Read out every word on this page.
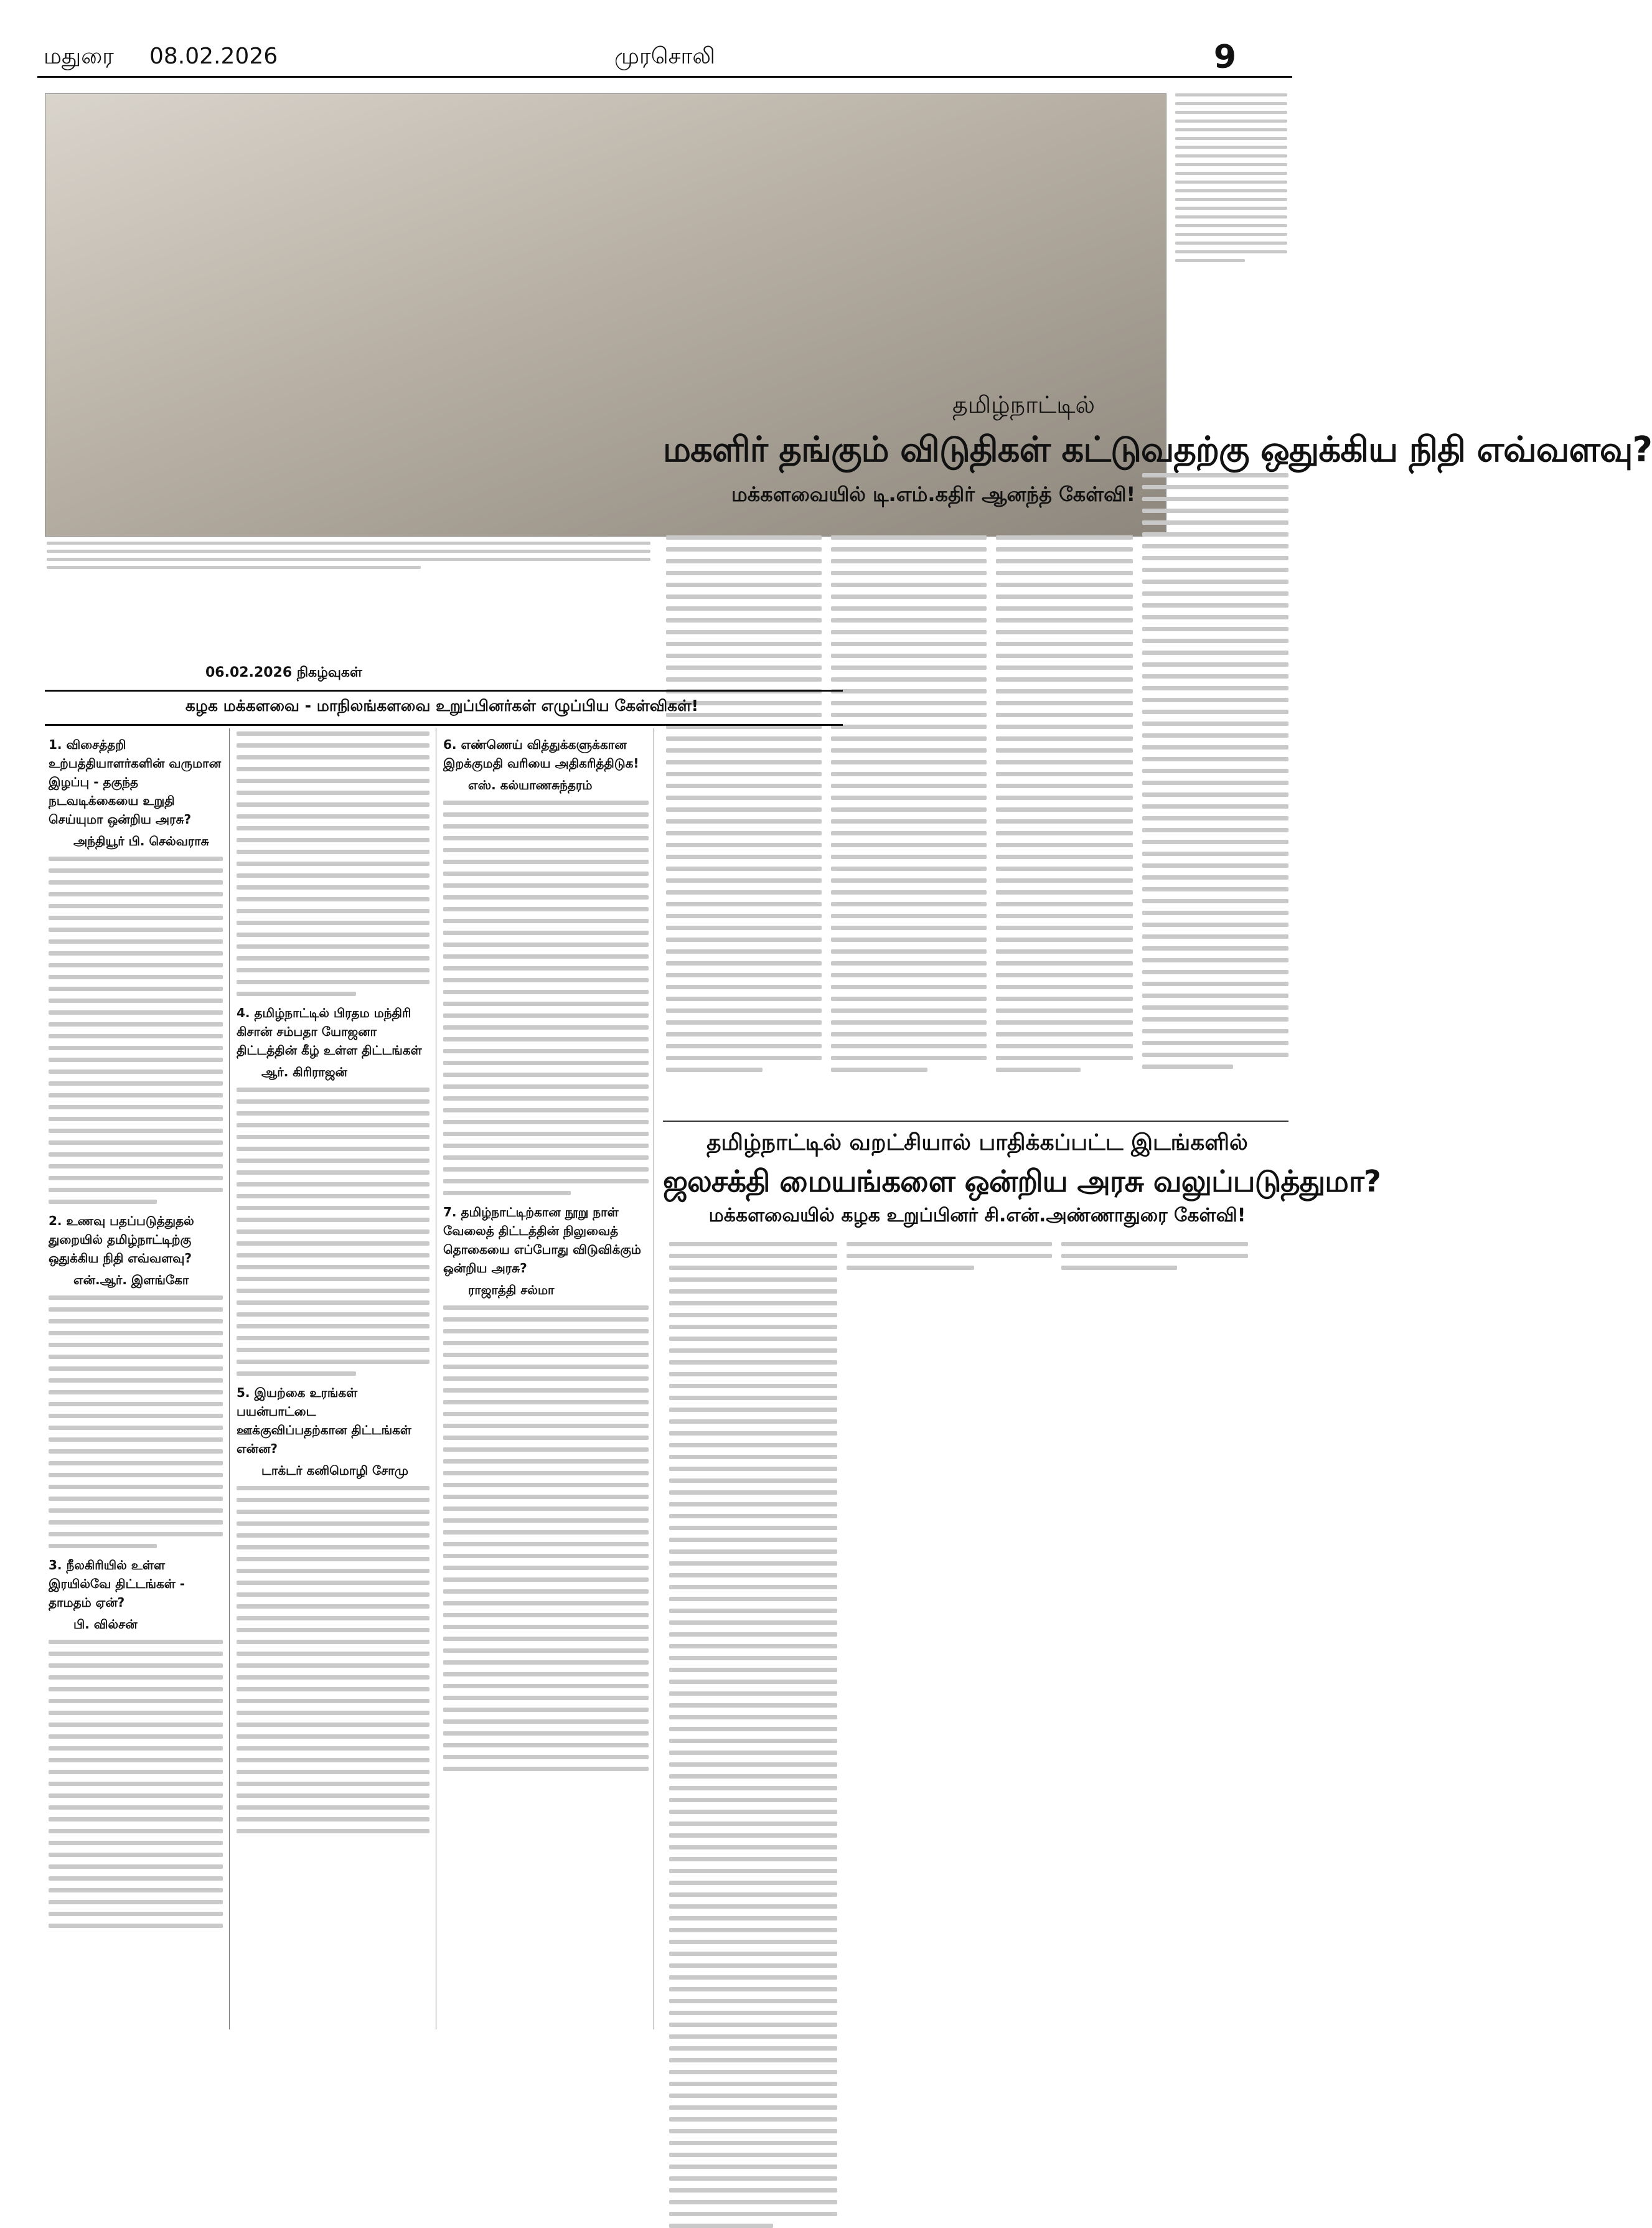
மதுரை 08.02.2026	முரசொலி	9
தமிழ்நாட்டில்
மகளிர் தங்கும் விடுதிகள் கட்டுவதற்கு ஒதுக்கிய நிதி எவ்வளவு?
மக்களவையில் டி.எம்.கதிர் ஆனந்த் கேள்வி!
06.02.2026 நிகழ்வுகள்
கழக மக்களவை - மாநிலங்களவை உறுப்பினர்கள் எழுப்பிய கேள்விகள்!
1. விசைத்தறி உற்பத்தியாளர்களின் வருமான இழப்பு - தகுந்த நடவடிக்கையை உறுதி செய்யுமா ஒன்றிய அரசு?
அந்தியூர் பி. செல்வராசு
2. உணவு பதப்படுத்துதல் துறையில் தமிழ்நாட்டிற்கு ஒதுக்கிய நிதி எவ்வளவு?
என்.ஆர். இளங்கோ
3. நீலகிரியில் உள்ள இரயில்வே திட்டங்கள் - தாமதம் ஏன்?
பி. வில்சன்
4. தமிழ்நாட்டில் பிரதம மந்திரி கிசான் சம்பதா யோஜனா திட்டத்தின் கீழ் உள்ள திட்டங்கள்
ஆர். கிரிராஜன்
5. இயற்கை உரங்கள் பயன்பாட்டை ஊக்குவிப்பதற்கான திட்டங்கள் என்ன?
டாக்டர் கனிமொழி சோமு
6. எண்ணெய் வித்துக்களுக்கான இறக்குமதி வரியை அதிகரித்திடுக!
எஸ். கல்யாணசுந்தரம்
7. தமிழ்நாட்டிற்கான நூறு நாள் வேலைத் திட்டத்தின் நிலுவைத் தொகையை எப்போது விடுவிக்கும் ஒன்றிய அரசு?
ராஜாத்தி சல்மா
தமிழ்நாட்டில் வறட்சியால் பாதிக்கப்பட்ட இடங்களில்
ஜலசக்தி மையங்களை ஒன்றிய அரசு வலுப்படுத்துமா?
மக்களவையில் கழக உறுப்பினர் சி.என்.அண்ணாதுரை கேள்வி!
